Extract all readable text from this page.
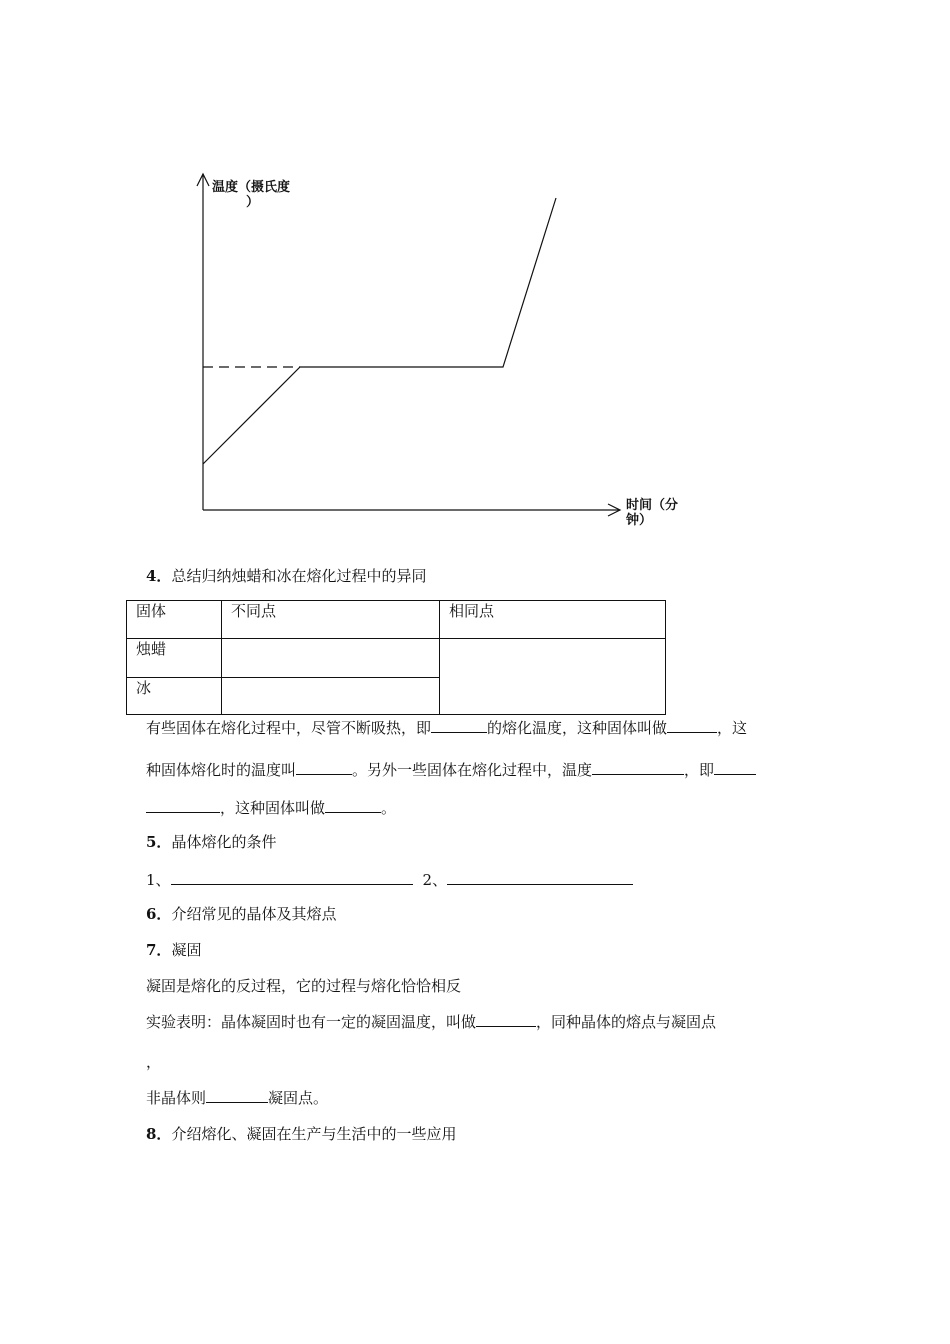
温度（摄氏度
）
时间（分
钟）
4．总结归纳烛蜡和冰在熔化过程中的异同
固体	不同点	相同点
烛蜡		
冰		
有些固体在熔化过程中，尽管不断吸热，即	的熔化温度，这种固体叫做	，这
种固体熔化时的温度叫	。另外一些固体在熔化过程中，温度	，即
，这种固体叫做	。
5．晶体熔化的条件
1、	2、
6．介绍常见的晶体及其熔点
7．凝固
凝固是熔化的反过程，它的过程与熔化恰恰相反
实验表明：晶体凝固时也有一定的凝固温度，叫做	，同种晶体的熔点与凝固点
，
非晶体则	凝固点。
8．介绍熔化、凝固在生产与生活中的一些应用
